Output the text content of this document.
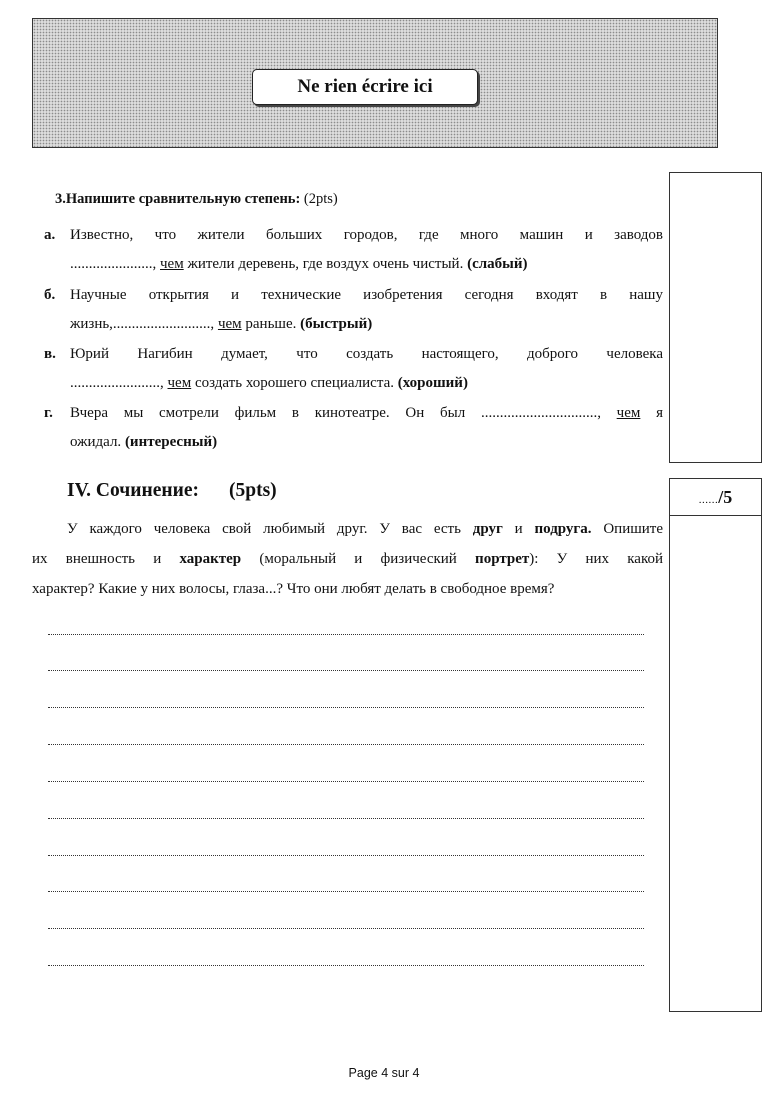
Ne rien écrire ici
....../5
3.Напишите сравнительную степень: (2pts)
а. Известно, что жители больших городов, где много машин и заводов
......................, чем жители деревень, где воздух очень чистый. (слабый)
б. Научные открытия и технические изобретения сегодня входят в нашу
жизнь,.........................., чем раньше. (быстрый)
в. Юрий Нагибин думает, что создать настоящего, доброго человека
........................, чем создать хорошего специалиста. (хороший)
г.	Вчера мы смотрели фильм в кинотеатре. Он был ..............................., чем я
ожидал. (интересный)
IV. Сочинение: (5pts)
У каждого человека свой любимый друг. У вас есть друг и подруга. Опишите
их внешность и характер (моральный и физический портрет): У них какой
характер? Какие у них волосы, глаза...? Что они любят делать в свободное время?
Page 4 sur 4
